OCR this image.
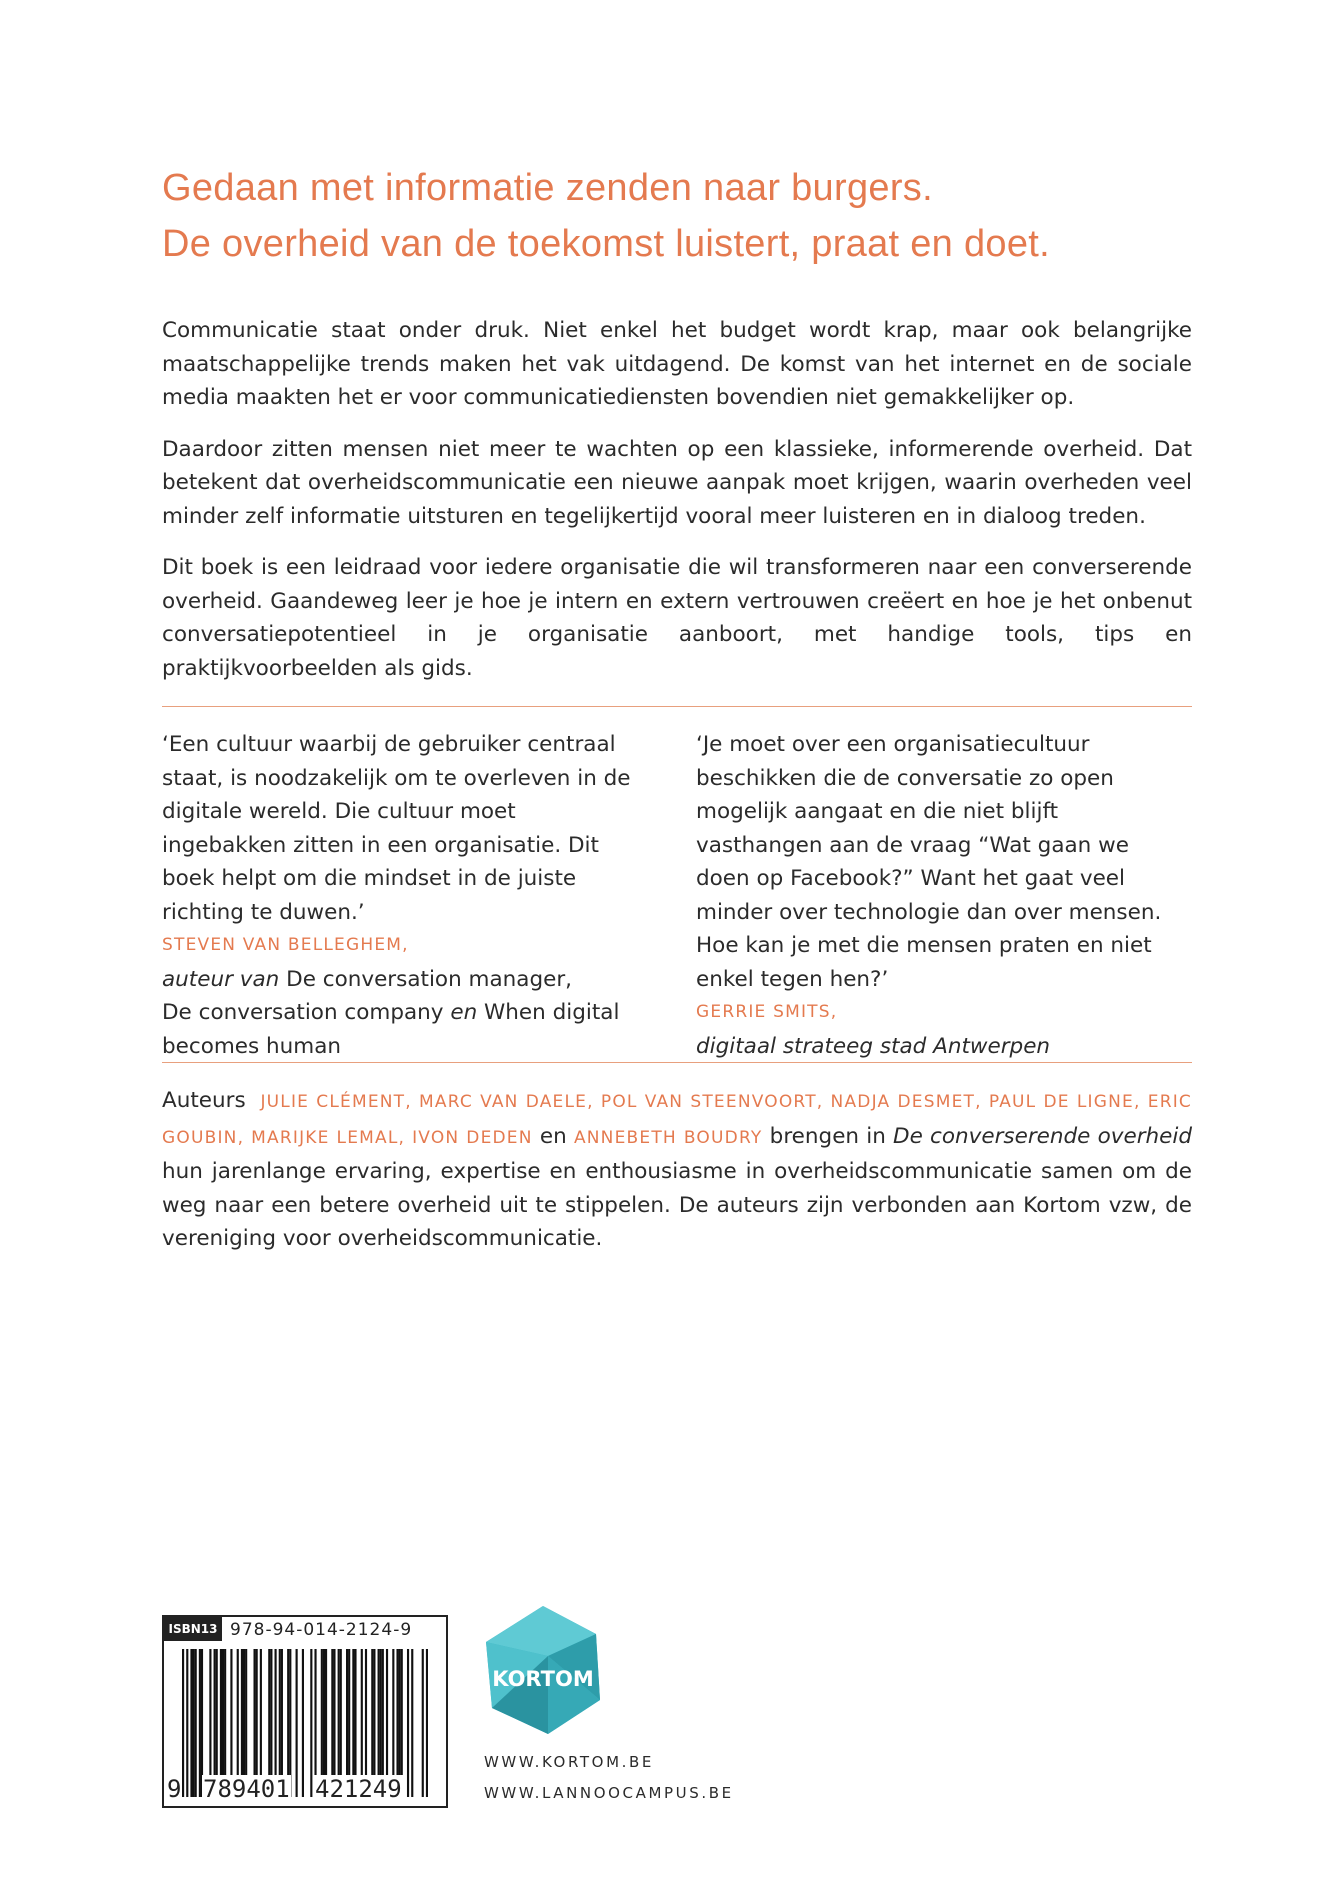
Gedaan met informatie zenden naar burgers.
De overheid van de toekomst luistert, praat en doet.

Communicatie staat onder druk. Niet enkel het budget wordt krap, maar ook belangrijke maatschappelijke trends maken het vak uitdagend. De komst van het internet en de sociale media maakten het er voor communicatiediensten bovendien niet gemakkelijker op.

Daardoor zitten mensen niet meer te wachten op een klassieke, informerende overheid. Dat betekent dat overheidscommunicatie een nieuwe aanpak moet krijgen, waarin overheden veel minder zelf informatie uitsturen en tegelijkertijd vooral meer luisteren en in dialoog treden.

Dit boek is een leidraad voor iedere organisatie die wil transformeren naar een converserende overheid. Gaandeweg leer je hoe je intern en extern vertrouwen creëert en hoe je het onbenut conversatiepotentieel in je organisatie aanboort, met handige tools, tips en praktijkvoorbeelden als gids.

‘Een cultuur waarbij de gebruiker centraal staat, is noodzakelijk om te overleven in de digitale wereld. Die cultuur moet ingebakken zitten in een organisatie. Dit boek helpt om die mindset in de juiste richting te duwen.’

STEVEN VAN BELLEGHEM,
auteur van De conversation manager,
De conversation company en When digital becomes human

‘Je moet over een organisatiecultuur beschikken die de conversatie zo open mogelijk aangaat en die niet blijft vasthangen aan de vraag “Wat gaan we doen op Facebook?” Want het gaat veel minder over technologie dan over mensen. Hoe kan je met die mensen praten en niet enkel tegen hen?’

GERRIE SMITS,
digitaal strateeg stad Antwerpen
Auteurs JULIE CLÉMENT, MARC VAN DAELE, POL VAN STEENVOORT, NADJA DESMET, PAUL DE LIGNE, ERIC GOUBIN, MARIJKE LEMAL, IVON DEDEN en ANNEBETH BOUDRY brengen in De converserende overheid hun jarenlange ervaring, expertise en enthousiasme in overheidscommunicatie samen om de weg naar een betere overheid uit te stippelen. De auteurs zijn verbonden aan Kortom vzw, de vereniging voor overheidscommunicatie.
ISBN13 978-94-014-2124-9
9 789401 421249
KORTOM
WWW.KORTOM.BE
WWW.LANNOOCAMPUS.BE
